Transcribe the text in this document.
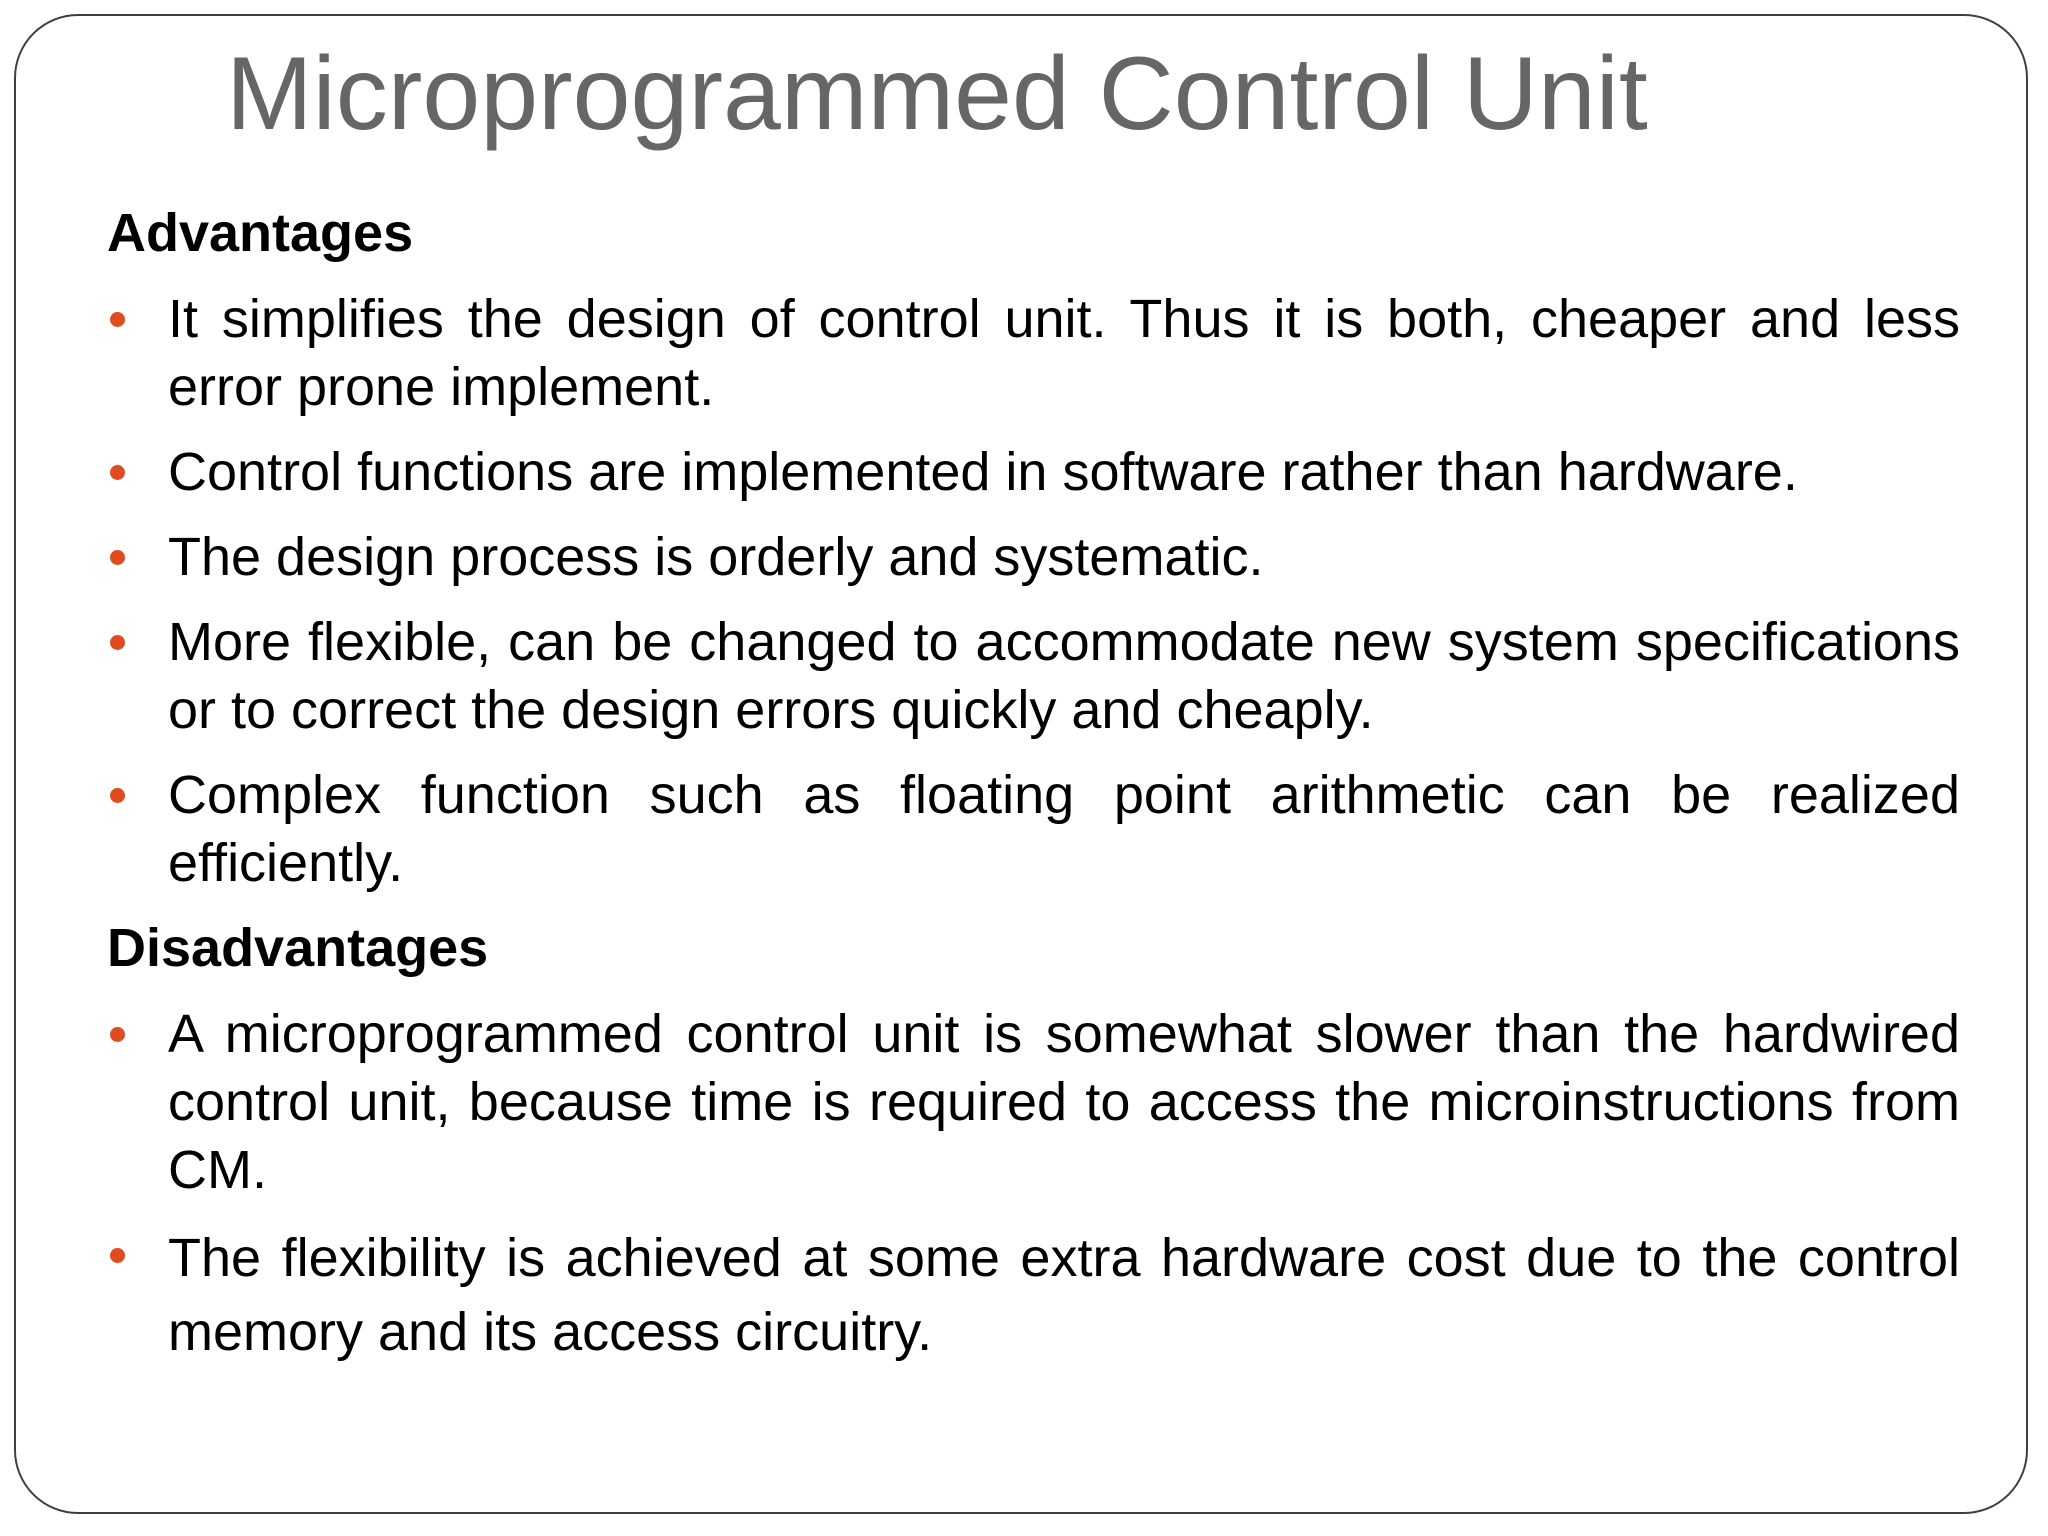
Microprogrammed Control Unit
Advantages
It simplifies the design of control unit. Thus it is both, cheaper and less error prone implement.
Control functions are implemented in software rather than hardware.
The design process is orderly and systematic.
More flexible, can be changed to accommodate new system specifications or to correct the design errors quickly and cheaply.
Complex function such as floating point arithmetic can be realized efficiently.
Disadvantages
A microprogrammed control unit is somewhat slower than the hardwired control unit, because time is required to access the microinstructions from CM.
The flexibility is achieved at some extra hardware cost due to the control memory and its access circuitry.
